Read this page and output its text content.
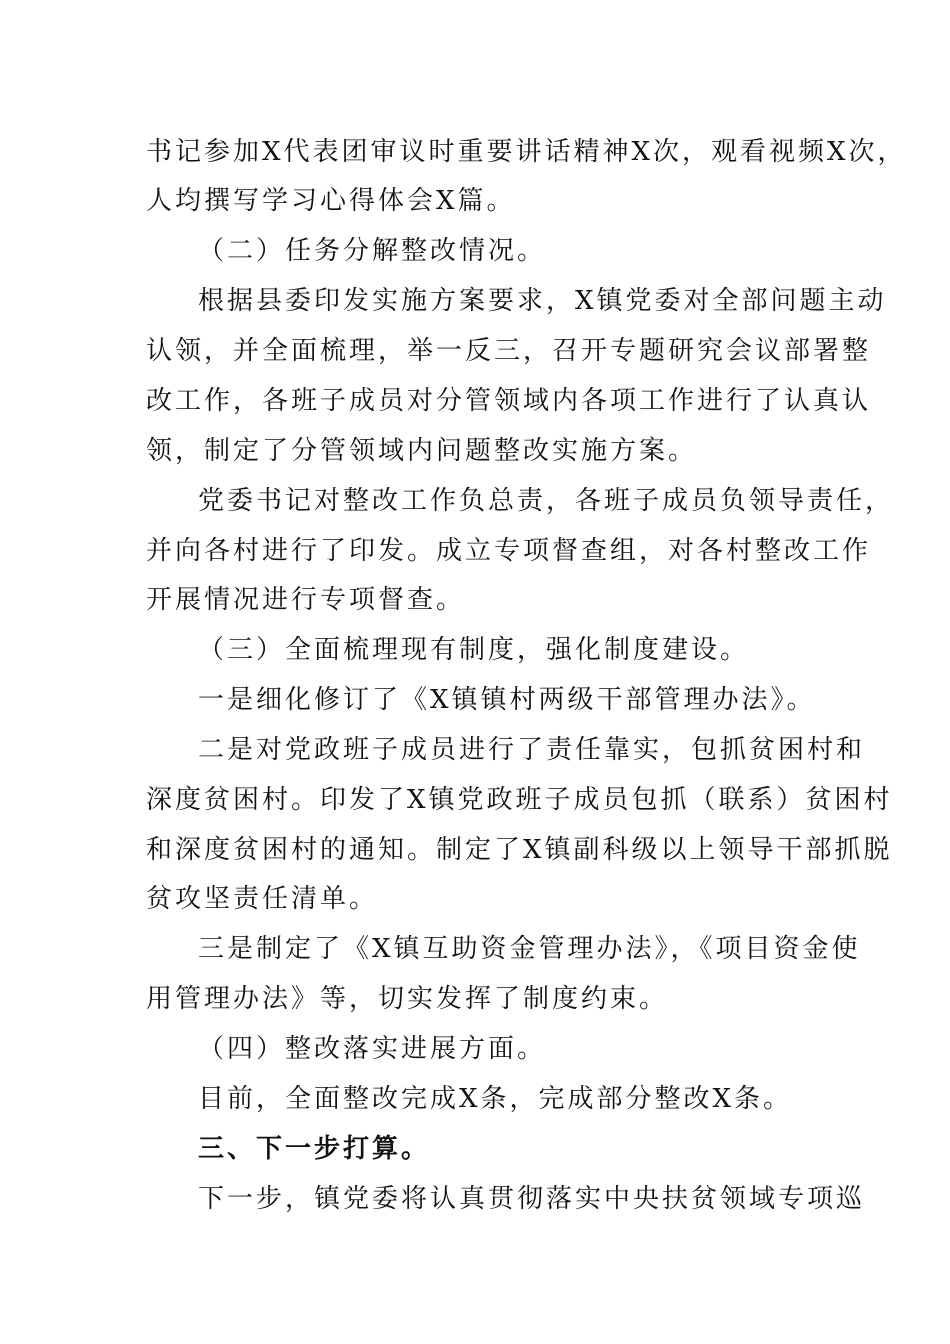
书记参加X代表团审议时重要讲话精神X次，观看视频X次，
人均撰写学习心得体会X篇。
（二）任务分解整改情况。
根据县委印发实施方案要求，X镇党委对全部问题主动
认领，并全面梳理，举一反三，召开专题研究会议部署整
改工作，各班子成员对分管领域内各项工作进行了认真认
领，制定了分管领域内问题整改实施方案。
党委书记对整改工作负总责，各班子成员负领导责任，
并向各村进行了印发。成立专项督查组，对各村整改工作
开展情况进行专项督查。
（三）全面梳理现有制度，强化制度建设。
一是细化修订了《X镇镇村两级干部管理办法》。
二是对党政班子成员进行了责任靠实，包抓贫困村和
深度贫困村。印发了X镇党政班子成员包抓（联系）贫困村
和深度贫困村的通知。制定了X镇副科级以上领导干部抓脱
贫攻坚责任清单。
三是制定了《X镇互助资金管理办法》，《项目资金使
用管理办法》等，切实发挥了制度约束。
（四）整改落实进展方面。
目前，全面整改完成X条，完成部分整改X条。
三、下一步打算。
下一步，镇党委将认真贯彻落实中央扶贫领域专项巡
